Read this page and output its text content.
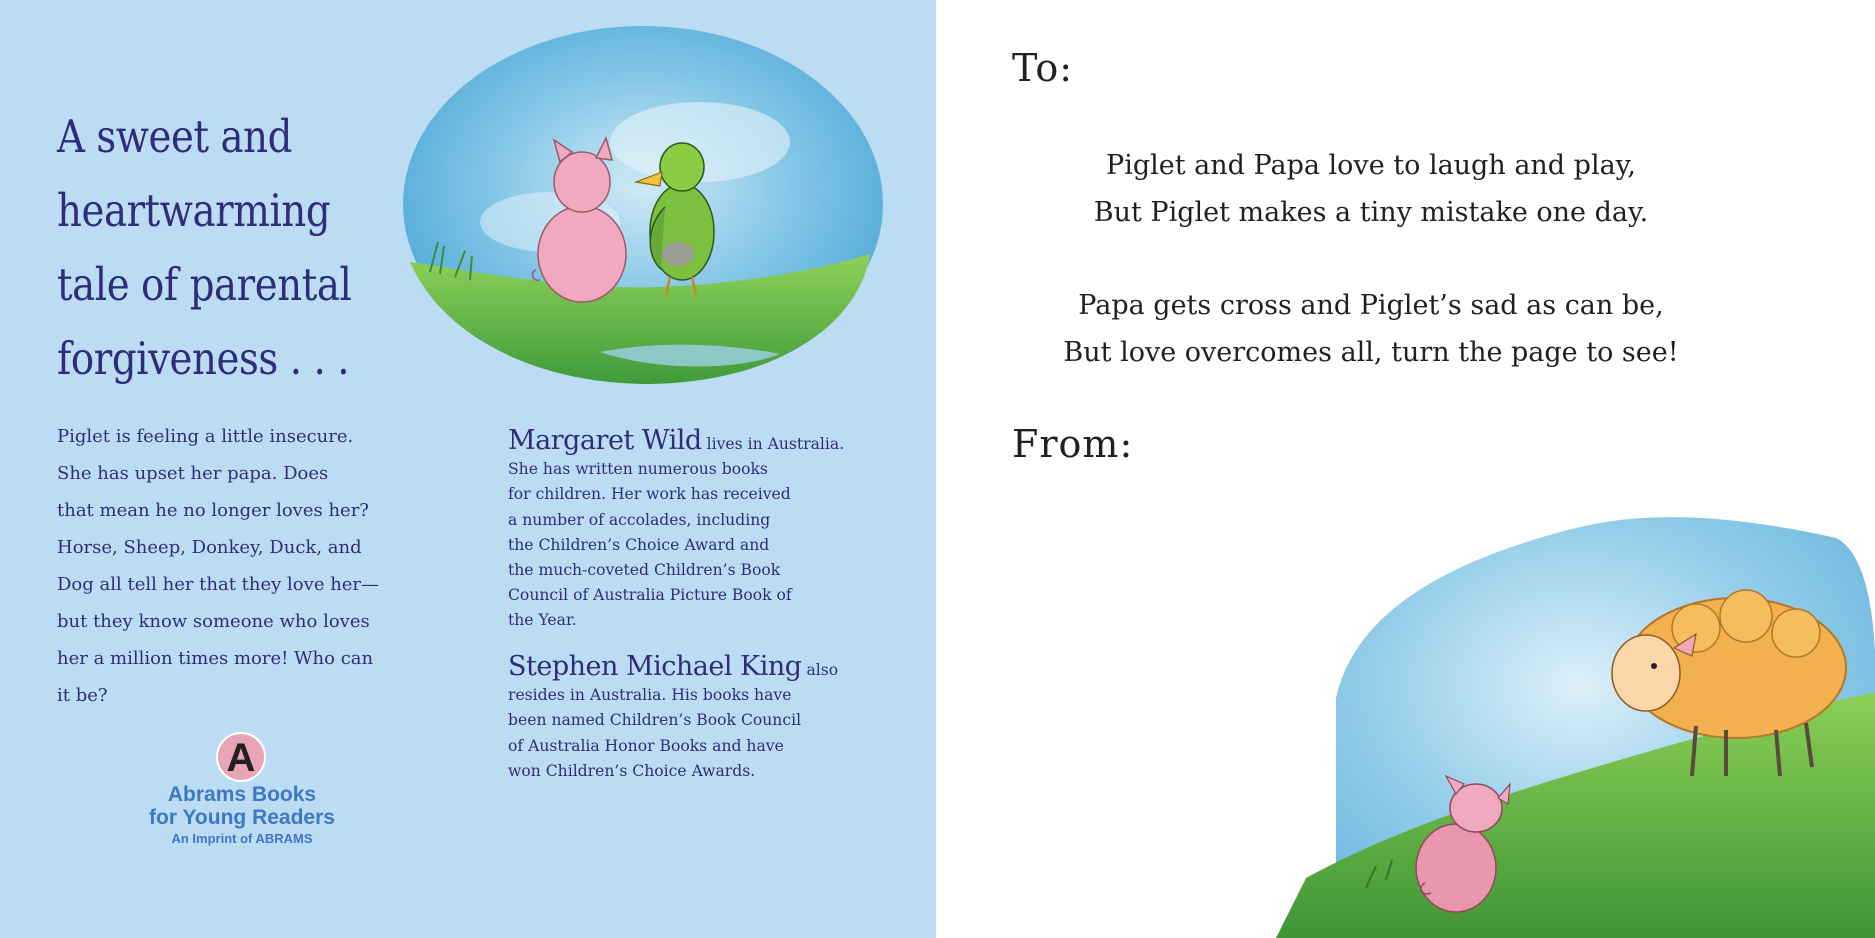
A sweet and
heartwarming
tale of parental
forgiveness . . .
Piglet is feeling a little insecure.
She has upset her papa. Does
that mean he no longer loves her?
Horse, Sheep, Donkey, Duck, and
Dog all tell her that they love her—
but they know someone who loves
her a million times more! Who can
it be?
Margaret Wild lives in Australia.
She has written numerous books
for children. Her work has received
a number of accolades, including
the Children’s Choice Award and
the much-coveted Children’s Book
Council of Australia Picture Book of
the Year.
Stephen Michael King also
resides in Australia. His books have
been named Children’s Book Council
of Australia Honor Books and have
won Children’s Choice Awards.
A
Abrams Books
for Young Readers
An Imprint of ABRAMS
To:
Piglet and Papa love to laugh and play,
But Piglet makes a tiny mistake one day.
Papa gets cross and Piglet’s sad as can be,
But love overcomes all, turn the page to see!
From:
